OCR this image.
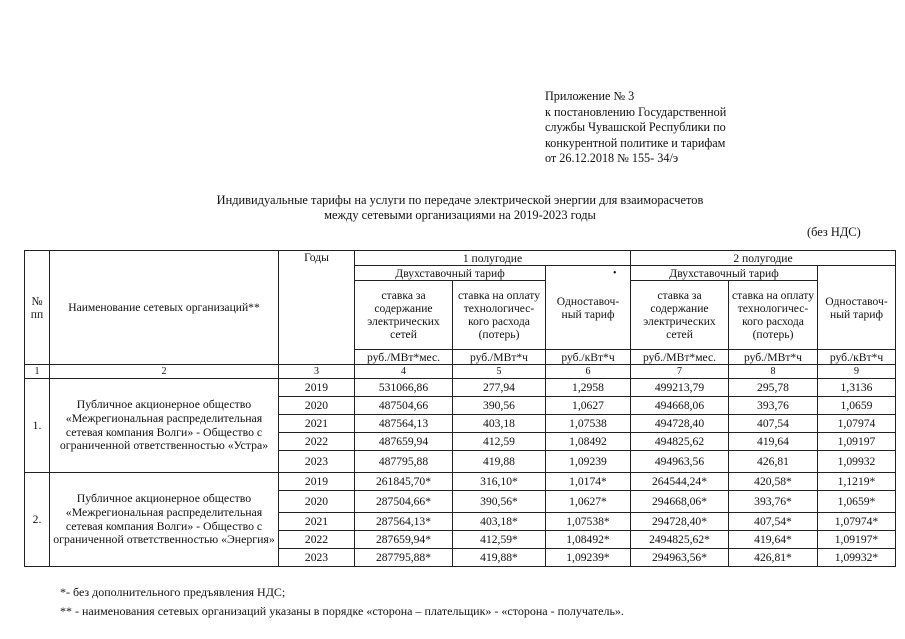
Приложение № 3
к постановлению Государственной
службы Чувашской Республики по
конкурентной политике и тарифам
от 26.12.2018 № 155- 34/э
Индивидуальные тарифы на услуги по передаче электрической энергии для взаиморасчетов
между сетевыми организациями на 2019-2023 годы
(без НДС)
№ пп	Наименование сетевых организаций**	Годы	1 полугодие			2 полугодие		
			Двухставочный тариф		Одноставоч-ный тариф	Двухставочный тариф		Одноставоч-ный тариф
			ставка за содержание электрических сетей	ставка на оплату технологичес-кого расхода (потерь)		ставка за содержание электрических сетей	ставка на оплату технологичес-кого расхода (потерь)	
			руб./МВт*мес.	руб./МВт*ч	руб./кВт*ч	руб./МВт*мес.	руб./МВт*ч	руб./кВт*ч
1	2	3	4	5	6	7	8	9
1.	Публичное акционерное общество «Межрегиональная распределительная сетевая компания Волги» - Общество с ограниченной ответственностью «Устра»	2019	531066,86	277,94	1,2958	499213,79	295,78	1,3136
		2020	487504,66	390,56	1,0627	494668,06	393,76	1,0659
		2021	487564,13	403,18	1,07538	494728,40	407,54	1,07974
		2022	487659,94	412,59	1,08492	494825,62	419,64	1,09197
		2023	487795,88	419,88	1,09239	494963,56	426,81	1,09932
2.	Публичное акционерное общество «Межрегиональная распределительная сетевая компания Волги» - Общество с ограниченной ответственностью «Энергия»	2019	261845,70*	316,10*	1,0174*	264544,24*	420,58*	1,1219*
		2020	287504,66*	390,56*	1,0627*	294668,06*	393,76*	1,0659*
		2021	287564,13*	403,18*	1,07538*	294728,40*	407,54*	1,07974*
		2022	287659,94*	412,59*	1,08492*	2494825,62*	419,64*	1,09197*
		2023	287795,88*	419,88*	1,09239*	294963,56*	426,81*	1,09932*
*- без дополнительного предъявления НДС;
** - наименования сетевых организаций указаны в порядке «сторона – плательщик» - «сторона - получатель».
•
